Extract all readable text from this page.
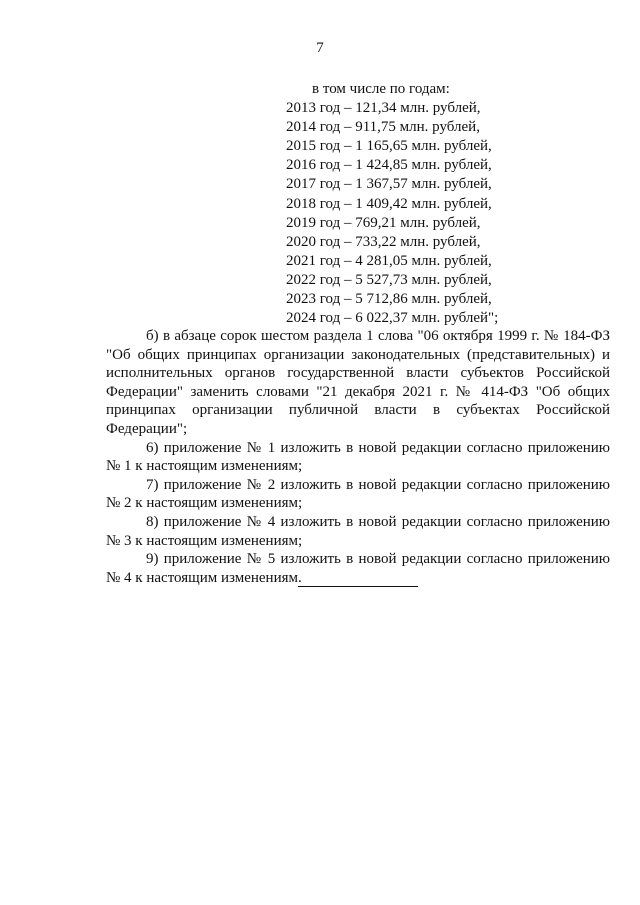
7
в том числе по годам:
2013 год – 121,34 млн. рублей,
2014 год – 911,75 млн. рублей,
2015 год – 1 165,65 млн. рублей,
2016 год – 1 424,85 млн. рублей,
2017 год – 1 367,57 млн. рублей,
2018 год – 1 409,42 млн. рублей,
2019 год – 769,21 млн. рублей,
2020 год – 733,22 млн. рублей,
2021 год – 4 281,05 млн. рублей,
2022 год – 5 527,73 млн. рублей,
2023 год – 5 712,86 млн. рублей,
2024 год – 6 022,37 млн. рублей";

б) в абзаце сорок шестом раздела 1 слова "06 октября 1999 г. № 184-ФЗ "Об общих принципах организации законодательных (представительных) и исполнительных органов государственной власти субъектов Российской Федерации" заменить словами "21 декабря 2021 г. № 414-ФЗ "Об общих принципах организации публичной власти в субъектах Российской Федерации";

6) приложение № 1 изложить в новой редакции согласно приложению № 1 к настоящим изменениям;

7) приложение № 2 изложить в новой редакции согласно приложению № 2 к настоящим изменениям;

8) приложение № 4 изложить в новой редакции согласно приложению № 3 к настоящим изменениям;

9) приложение № 5 изложить в новой редакции согласно приложению № 4 к настоящим изменениям.
